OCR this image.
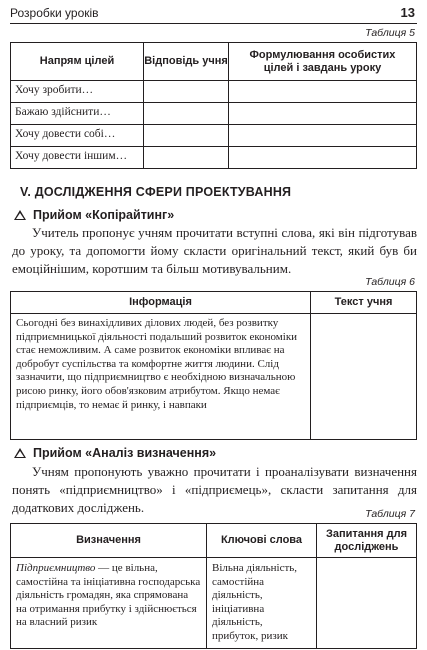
Розробки уроків	13
Таблиця 5
Напрям цілей	Відповідь учня	Формулювання особистих цілей і завдань уроку
Хочу зробити…		
Бажаю здійснити…		
Хочу довести собі…		
Хочу довести іншим…		
V. ДОСЛІДЖЕННЯ СФЕРИ ПРОЕКТУВАННЯ
Прийом «Копірайтинг»

Учитель пропонує учням прочитати вступні слова, які він підготував до уроку, та допомогти йому скласти оригінальний текст, який був би емоційнішим, коротшим та більш мотивувальним.

Таблиця 6
Інформація	Текст учня
Сьогодні без винахідливих ділових людей, без розвитку підприємницької діяльності подальший розвиток економіки стає неможливим. А саме розвиток економіки впливає на добробут суспільства та комфортне життя людини. Слід зазначити, що підприємництво є необхідною визначальною рисою ринку, його обов'язковим атрибутом. Якщо немає підприємців, то немає й ринку, і навпаки	
Прийом «Аналіз визначення»

Учням пропонують уважно прочитати і проаналізувати визначення понять «підприємництво» і «підприємець», скласти запитання для додаткових досліджень.	Таблиця 7
Визначення	Ключові слова	Запитання для досліджень
Підприємництво — це вільна, самостійна та ініціативна господарська діяльність громадян, яка спрямована на отримання прибутку і здійснюється на власний ризик	Вільна діяльність, самостійна діяльність, ініціативна діяльність, прибуток, ризик	
